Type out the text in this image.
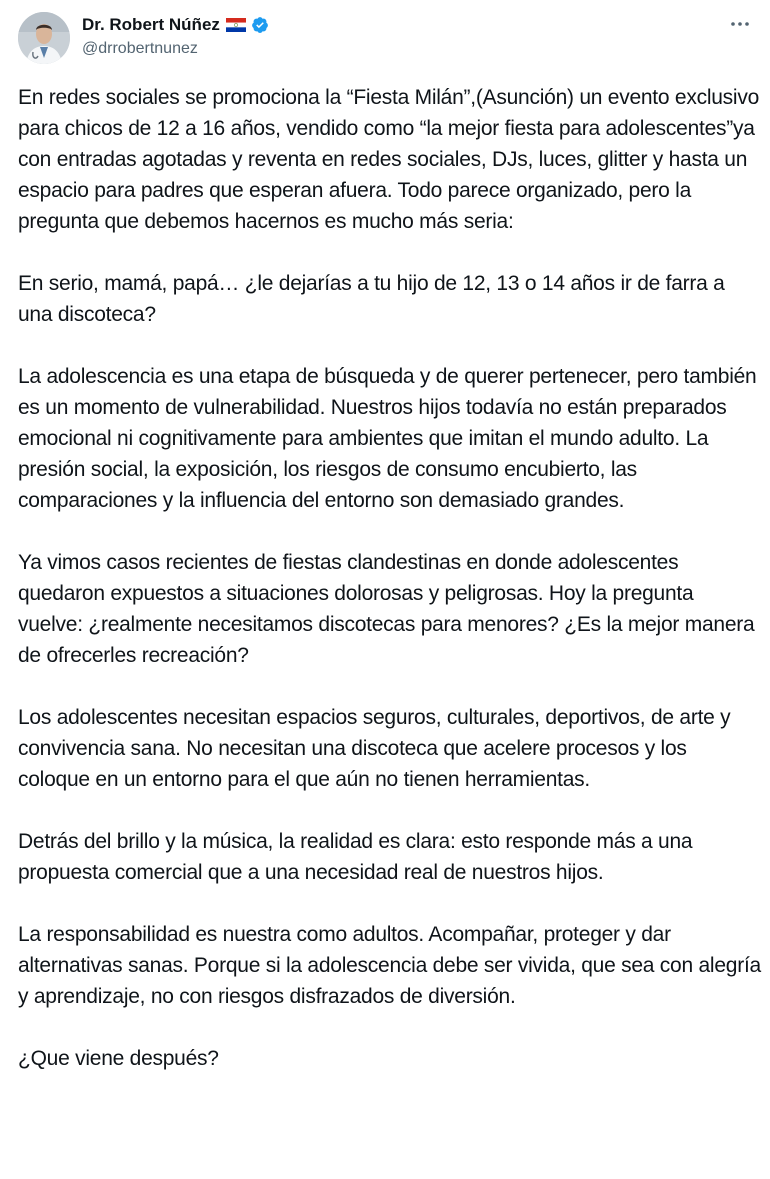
Dr. Robert Núñez
@drrobertnunez

En redes sociales se promociona la “Fiesta Milán”,(Asunción) un evento exclusivo para chicos de 12 a 16 años, vendido como “la mejor fiesta para adolescentes”ya con entradas agotadas y reventa en redes sociales, DJs, luces, glitter y hasta un espacio para padres que esperan afuera. Todo parece organizado, pero la pregunta que debemos hacernos es mucho más seria:

En serio, mamá, papá… ¿le dejarías a tu hijo de 12, 13 o 14 años ir de farra a una discoteca?

La adolescencia es una etapa de búsqueda y de querer pertenecer, pero también es un momento de vulnerabilidad. Nuestros hijos todavía no están preparados emocional ni cognitivamente para ambientes que imitan el mundo adulto. La presión social, la exposición, los riesgos de consumo encubierto, las comparaciones y la influencia del entorno son demasiado grandes.

Ya vimos casos recientes de fiestas clandestinas en donde adolescentes quedaron expuestos a situaciones dolorosas y peligrosas. Hoy la pregunta vuelve: ¿realmente necesitamos discotecas para menores? ¿Es la mejor manera de ofrecerles recreación?

Los adolescentes necesitan espacios seguros, culturales, deportivos, de arte y convivencia sana. No necesitan una discoteca que acelere procesos y los coloque en un entorno para el que aún no tienen herramientas.

Detrás del brillo y la música, la realidad es clara: esto responde más a una propuesta comercial que a una necesidad real de nuestros hijos.

La responsabilidad es nuestra como adultos. Acompañar, proteger y dar alternativas sanas. Porque si la adolescencia debe ser vivida, que sea con alegría y aprendizaje, no con riesgos disfrazados de diversión.

¿Que viene después?
